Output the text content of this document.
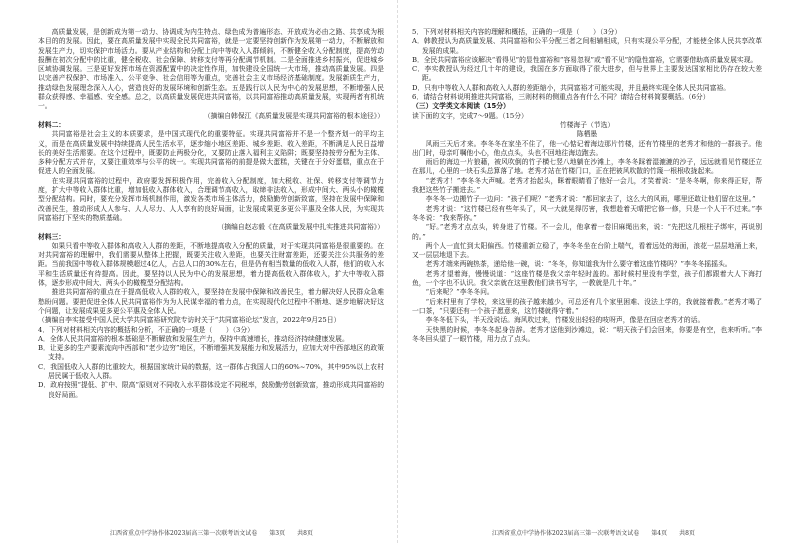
高质量发展，是创新成为第一动力、协调成为内生特点、绿色成为普遍形态、开放成为必由之路、共享成为根本目的的发展。因此，要在高质量发展中实现全民共同富裕，就是一定要坚持创新作为发展第一动力，不断解放和发展生产力，切实保护市场活力。要从产业结构和分配上向中等收入人群倾斜，不断健全收入分配制度，提高劳动报酬在初次分配中的比重，健全税收、社会保障、转移支付等再分配调节机制。二是全面推进乡村振兴，促进城乡区域协调发展。三是更好发挥市场在资源配置中的决定性作用，加快建设全国统一大市场，推动高质量发展。四是以完善产权保护、市场准入、公平竞争、社会信用等为重点，完善社会主义市场经济基础制度。发展新质生产力，推动绿色发展理念深入人心，营造良好的发展环境和创新生态。五是践行以人民为中心的发展思想，不断增强人民群众获得感、幸福感、安全感。总之，以高质量发展促进共同富裕，以共同富裕推动高质量发展，实现两者有机统一。

（摘编自韩保江《高质量发展是实现共同富裕的根本途径》）

材料二：

共同富裕是社会主义的本质要求，是中国式现代化的重要特征。实现共同富裕并不是一个整齐划一的平均主义，而是在高质量发展中持续提高人民生活水平，逐步缩小地区差距、城乡差距、收入差距，不断满足人民日益增长的美好生活需要。在这个过程中，既要防止两极分化，又要防止落入福利主义陷阱；既要坚持按劳分配为主体、多种分配方式并存，又要注重效率与公平的统一。实现共同富裕的前提是做大蛋糕，关键在于分好蛋糕，重点在于促进人的全面发展。

在实现共同富裕的过程中，政府要发挥积极作用，完善收入分配制度，加大税收、社保、转移支付等调节力度，扩大中等收入群体比重，增加低收入群体收入，合理调节高收入，取缔非法收入，形成中间大、两头小的橄榄型分配结构。同时，要充分发挥市场机制作用，激发各类市场主体活力，鼓励勤劳创新致富，坚持在发展中保障和改善民生，推动形成人人参与、人人尽力、人人享有的良好局面，让发展成果更多更公平惠及全体人民，为实现共同富裕打下坚实的物质基础。

（摘编自赵志毅《在高质量发展中扎实推进共同富裕》）

材料三：

如果只看中等收入群体和高收入人群的差距，不断地提高收入分配的质量，对于实现共同富裕是很重要的。在对共同富裕的理解中，我们需要从整体上把握，既要关注收入差距，也要关注财富差距，还要关注公共服务的差距。当前我国中等收入群体规模超过4亿人，占总人口的30%左右，但是仍有相当数量的低收入人群，他们的收入水平和生活质量还有待提高。因此，要坚持以人民为中心的发展思想，着力提高低收入群体收入，扩大中等收入群体，逐步形成中间大、两头小的橄榄型分配结构。

推进共同富裕的重点在于提高低收入人群的收入，要坚持在发展中保障和改善民生，着力解决好人民群众急难愁盼问题。要把促进全体人民共同富裕作为为人民谋幸福的着力点，在实现现代化过程中不断地、逐步地解决好这个问题，让发展成果更多更公平惠及全体人民。

（摘编自李实接受中国人民大学共同富裕研究院专访时关于“共同富裕论坛”发言，2022年9月25日）

4．下列对材料相关内容的概括和分析，不正确的一项是（　　）（3分）

A．全体人民共同富裕的根本基础是不断解放和发展生产力，保持中高速增长，推动经济持续健康发展。

B．让更多的生产要素流向中西部和“老少边穷”地区，不断增强其发展能力和发展活力，应加大对中西部地区的政策支持。

C．我国低收入人群的比重较大，根据国家统计局的数据，这一群体占我国人口的60%~70%，其中95%以上农村居民属于低收入人群。

D．政府按照“提低、扩中、限高”原则对不同收入水平群体设定不同税率，鼓励勤劳创新致富，推动形成共同富裕的良好局面。

5．下列对材料相关内容的理解和概括，正确的一项是（　　）（3分）

A．韩教授认为高质量发展、共同富裕和公平分配三者之间相辅相成，只有实现公平分配，才能使全体人民共享改革发展的成果。

B．全民共同富裕应该解决“看得见”的显性富裕和“容易忽视”或“看不见”的隐性富裕，它需要借助高质量发展实现。

C．李实教授认为经过几十年的建设，我国在多方面取得了很大进步，但与世界上主要发达国家相比仍存在较大差距。

D．只有中等收入人群和高收入人群的差距缩小，共同富裕才可能实现，并且最终实现全体人民共同富裕。

6．请结合材料说明推进共同富裕，三则材料的侧重点各有什么不同？请结合材料简要概括。（6分）

（三）文学类文本阅读（15分）

读下面的文字，完成7～9题。（15分）

竹楼海子（节选）

陈栖墨

风雨三天后才来。李冬冬在家坐不住了，他一心惦记着海边那片竹楼，还有竹楼里的老秀才和他的一群孩子。他出门时，母亲叮嘱他小心，他点点头，头也不回地往海边跑去。

雨后的海边一片狼藉，被风吹倒的竹子横七竖八地躺在沙滩上，李冬冬踩着湿漉漉的沙子，远远就看见竹楼还立在那儿，心里的一块石头总算落了地。老秀才站在竹楼门口，正在把被风吹散的竹篾一根根收拢起来。

“老秀才！”李冬冬大声喊。老秀才抬起头，眯着眼睛看了他好一会儿，才笑着说：“是冬冬啊，你来得正好，帮我把这些竹子搬进去。”

李冬冬一边搬竹子一边问：“孩子们呢？”老秀才说：“都回家去了，这么大的风雨，哪里还敢让他们留在这里。”

老秀才说：“这竹楼已经有些年头了，风一大就晃得厉害，我想趁着天晴把它修一修，只是一个人干不过来。”李冬冬说：“我来帮你。”

“好。”老秀才点点头，转身进了竹楼。不一会儿，他拿着一卷旧麻绳出来，说：“先把这几根柱子绑牢，再说别的。”

两个人一直忙到太阳偏西。竹楼重新立稳了，李冬冬坐在台阶上喘气，看着远处的海面，浪花一层层地涌上来，又一层层地退下去。

老秀才端来两碗热茶，递给他一碗，说：“冬冬，你知道我为什么要守着这座竹楼吗？”李冬冬摇摇头。

老秀才望着海，慢慢说道：“这座竹楼是我父亲年轻时盖的。那时候村里没有学堂，孩子们都跟着大人下海打鱼，一个字也不认识。我父亲就在这里教他们读书写字，一教就是几十年。”

“后来呢？”李冬冬问。

“后来村里有了学校，来这里的孩子越来越少。可总还有几个家里困难、没法上学的，我就接着教。”老秀才喝了一口茶，“只要还有一个孩子愿意来，这竹楼就得守着。”

李冬冬低下头，半天没说话。海风吹过来，竹楼发出轻轻的吱呀声，像是在回应老秀才的话。

天快黑的时候，李冬冬起身告辞。老秀才送他到沙滩边，说：“明天孩子们会回来，你要是有空，也来听听。”李冬冬回头望了一眼竹楼，用力点了点头。

江西省重点中学协作体2023届高三第一次联考语文试卷　　第3页　　共8页	江西省重点中学协作体2023届高三第一次联考语文试卷　　第4页　　共8页
